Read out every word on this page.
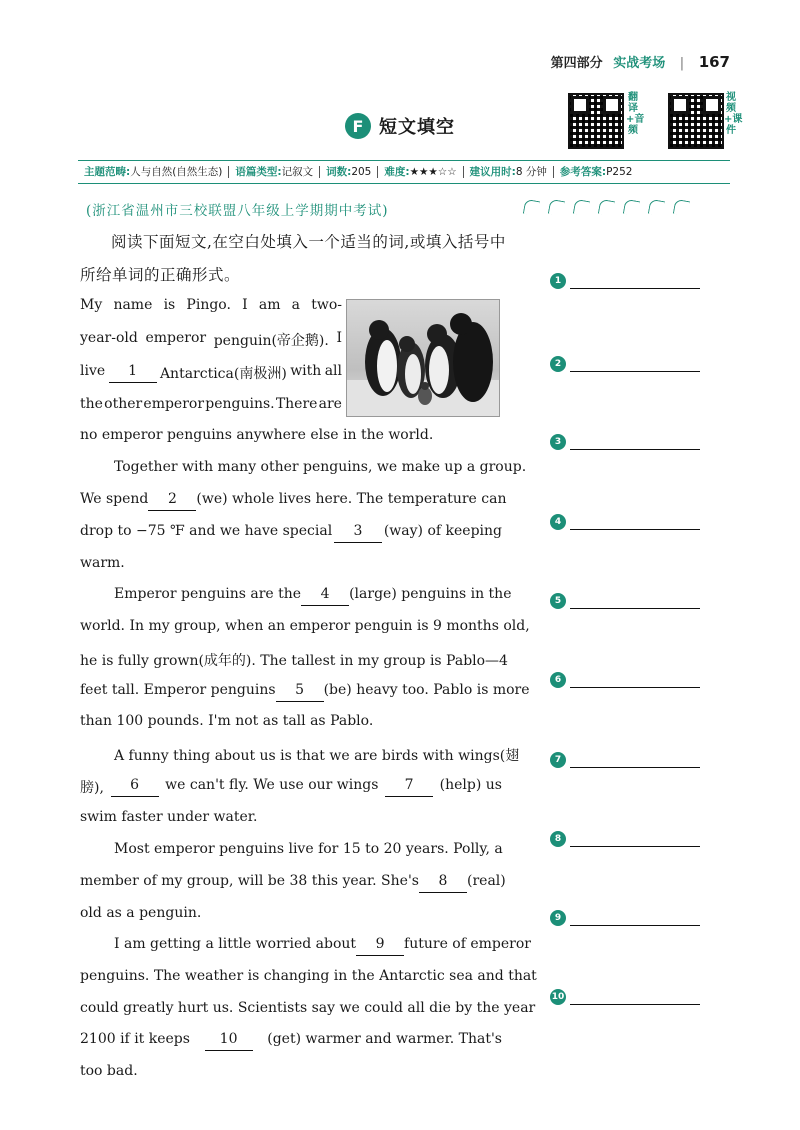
第四部分 实战考场 | 167
F 短文填空
翻译+音频
视频+课件
主题范畴:人与自然(自然生态)	语篇类型:记叙文	词数:205	难度:★★★☆☆	建议用时:8 分钟	参考答案:P252
(浙江省温州市三校联盟八年级上学期期中考试)
阅读下面短文,在空白处填入一个适当的词,或填入括号中所给单词的正确形式。
My name is Pingo. I am a two-
year-old emperor penguin(帝企鹅). I
live	1	Antarctica(南极洲) with all
the other emperor penguins. There are
no emperor penguins anywhere else in the world.
Together with many other penguins, we make up a group.
We spend	2	(we) whole lives here. The temperature can
drop to −75 ℉ and we have special	3	(way) of keeping
warm.
Emperor penguins are the	4	(large) penguins in the
world. In my group, when an emperor penguin is 9 months old,
he is fully grown(成年的). The tallest in my group is Pablo—4
feet tall. Emperor penguins	5	(be) heavy too. Pablo is more
than 100 pounds. I'm not as tall as Pablo.
A funny thing about us is that we are birds with wings(翅
膀),	6	we can't fly. We use our wings	7	(help) us
swim faster under water.
Most emperor penguins live for 15 to 20 years. Polly, a
member of my group, will be 38 this year. She's	8	(real)
old as a penguin.
I am getting a little worried about	9	future of emperor
penguins. The weather is changing in the Antarctic sea and that
could greatly hurt us. Scientists say we could all die by the year
2100 if it keeps	10	(get) warmer and warmer. That's
too bad.
1
2
3
4
5
6
7
8
9
10
